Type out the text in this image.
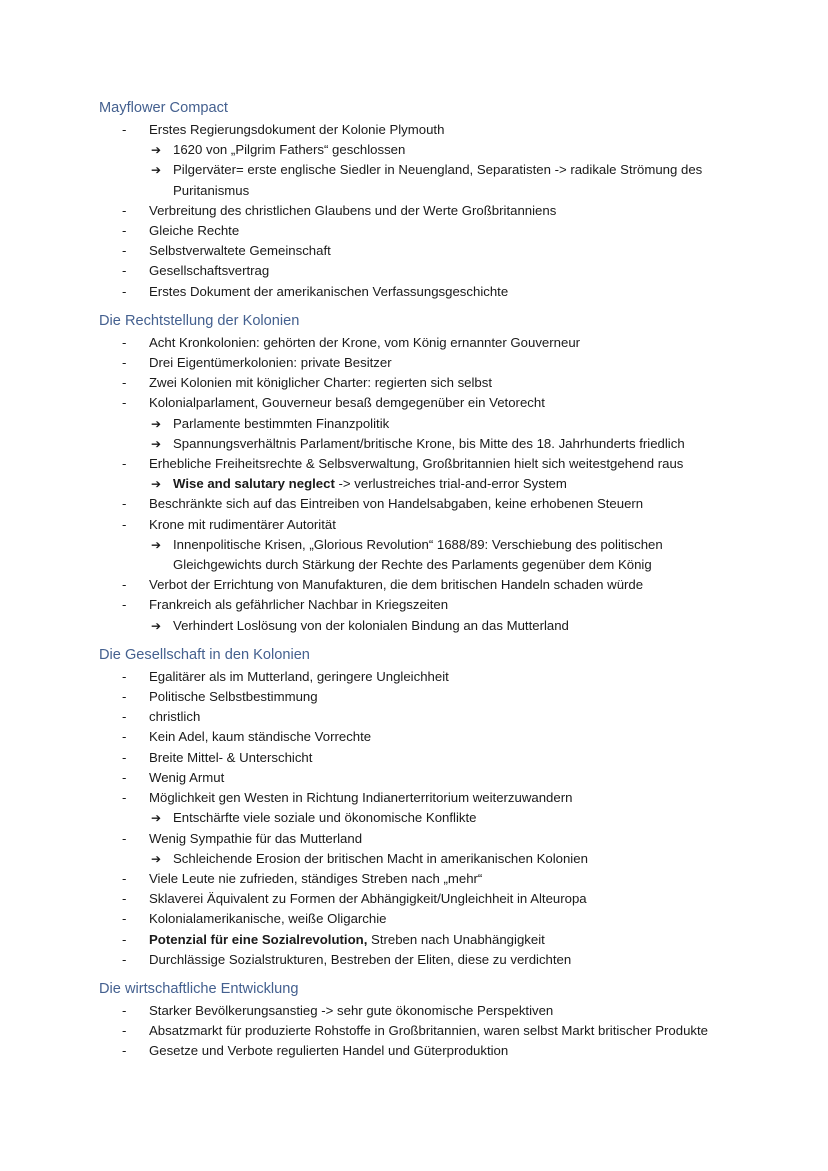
Mayflower Compact
- Erstes Regierungsdokument der Kolonie Plymouth
➔ 1620 von „Pilgrim Fathers“ geschlossen
➔ Pilgerväter= erste englische Siedler in Neuengland, Separatisten -> radikale Strömung des Puritanismus
- Verbreitung des christlichen Glaubens und der Werte Großbritanniens
- Gleiche Rechte
- Selbstverwaltete Gemeinschaft
- Gesellschaftsvertrag
- Erstes Dokument der amerikanischen Verfassungsgeschichte
Die Rechtstellung der Kolonien
- Acht Kronkolonien: gehörten der Krone, vom König ernannter Gouverneur
- Drei Eigentümerkolonien: private Besitzer
- Zwei Kolonien mit königlicher Charter: regierten sich selbst
- Kolonialparlament, Gouverneur besaß demgegenüber ein Vetorecht
➔ Parlamente bestimmten Finanzpolitik
➔ Spannungsverhältnis Parlament/britische Krone, bis Mitte des 18. Jahrhunderts friedlich
- Erhebliche Freiheitsrechte & Selbsverwaltung, Großbritannien hielt sich weitestgehend raus
➔ Wise and salutary neglect -> verlustreiches trial-and-error System
- Beschränkte sich auf das Eintreiben von Handelsabgaben, keine erhobenen Steuern
- Krone mit rudimentärer Autorität
➔ Innenpolitische Krisen, „Glorious Revolution“ 1688/89: Verschiebung des politischen Gleichgewichts durch Stärkung der Rechte des Parlaments gegenüber dem König
- Verbot der Errichtung von Manufakturen, die dem britischen Handeln schaden würde
- Frankreich als gefährlicher Nachbar in Kriegszeiten
➔ Verhindert Loslösung von der kolonialen Bindung an das Mutterland
Die Gesellschaft in den Kolonien
- Egalitärer als im Mutterland, geringere Ungleichheit
- Politische Selbstbestimmung
- christlich
- Kein Adel, kaum ständische Vorrechte
- Breite Mittel- & Unterschicht
- Wenig Armut
- Möglichkeit gen Westen in Richtung Indianerterritorium weiterzuwandern
➔ Entschärfte viele soziale und ökonomische Konflikte
- Wenig Sympathie für das Mutterland
➔ Schleichende Erosion der britischen Macht in amerikanischen Kolonien
- Viele Leute nie zufrieden, ständiges Streben nach „mehr“
- Sklaverei Äquivalent zu Formen der Abhängigkeit/Ungleichheit in Alteuropa
- Kolonialamerikanische, weiße Oligarchie
- Potenzial für eine Sozialrevolution, Streben nach Unabhängigkeit
- Durchlässige Sozialstrukturen, Bestreben der Eliten, diese zu verdichten
Die wirtschaftliche Entwicklung
- Starker Bevölkerungsanstieg -> sehr gute ökonomische Perspektiven
- Absatzmarkt für produzierte Rohstoffe in Großbritannien, waren selbst Markt britischer Produkte
- Gesetze und Verbote regulierten Handel und Güterproduktion
